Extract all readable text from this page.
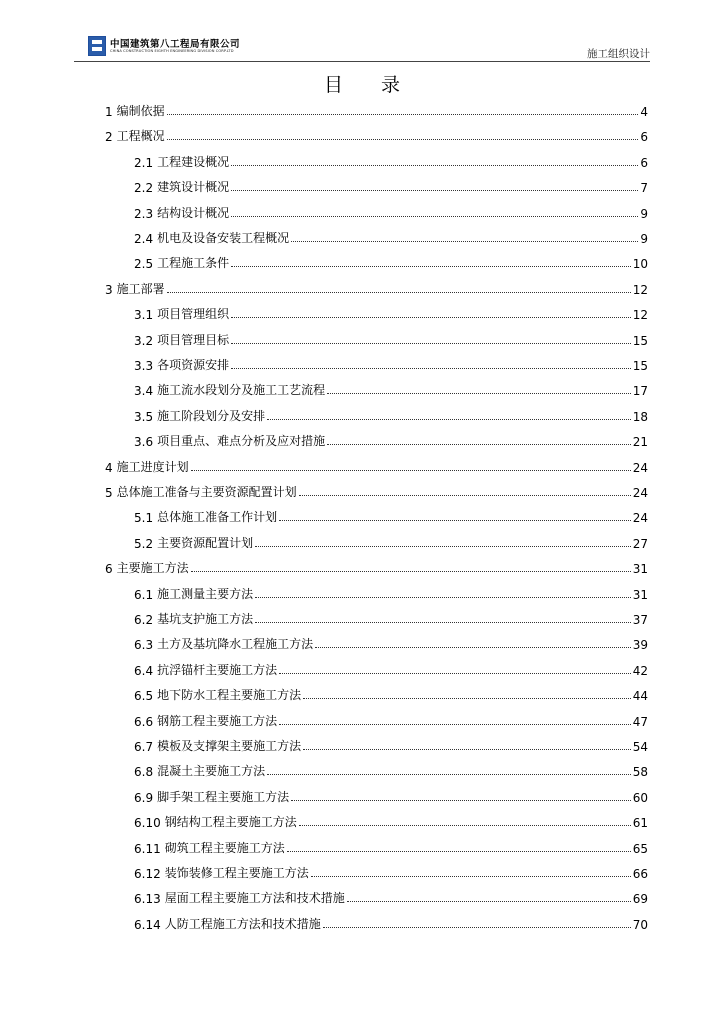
中国建筑第八工程局有限公司
CHINA CONSTRUCTION EIGHTH ENGINEERING DIVISION CORP.LTD	施工组织设计
目 录
1 编制依据	4
2 工程概况	6
2.1 工程建设概况	6
2.2 建筑设计概况	7
2.3 结构设计概况	9
2.4 机电及设备安装工程概况	9
2.5 工程施工条件	10
3 施工部署	12
3.1 项目管理组织	12
3.2 项目管理目标	15
3.3 各项资源安排	15
3.4 施工流水段划分及施工工艺流程	17
3.5 施工阶段划分及安排	18
3.6 项目重点、难点分析及应对措施	21
4 施工进度计划	24
5 总体施工准备与主要资源配置计划	24
5.1 总体施工准备工作计划	24
5.2 主要资源配置计划	27
6 主要施工方法	31
6.1 施工测量主要方法	31
6.2 基坑支护施工方法	37
6.3 土方及基坑降水工程施工方法	39
6.4 抗浮锚杆主要施工方法	42
6.5 地下防水工程主要施工方法	44
6.6 钢筋工程主要施工方法	47
6.7 模板及支撑架主要施工方法	54
6.8 混凝土主要施工方法	58
6.9 脚手架工程主要施工方法	60
6.10 钢结构工程主要施工方法	61
6.11 砌筑工程主要施工方法	65
6.12 装饰装修工程主要施工方法	66
6.13 屋面工程主要施工方法和技术措施	69
6.14 人防工程施工方法和技术措施	70
